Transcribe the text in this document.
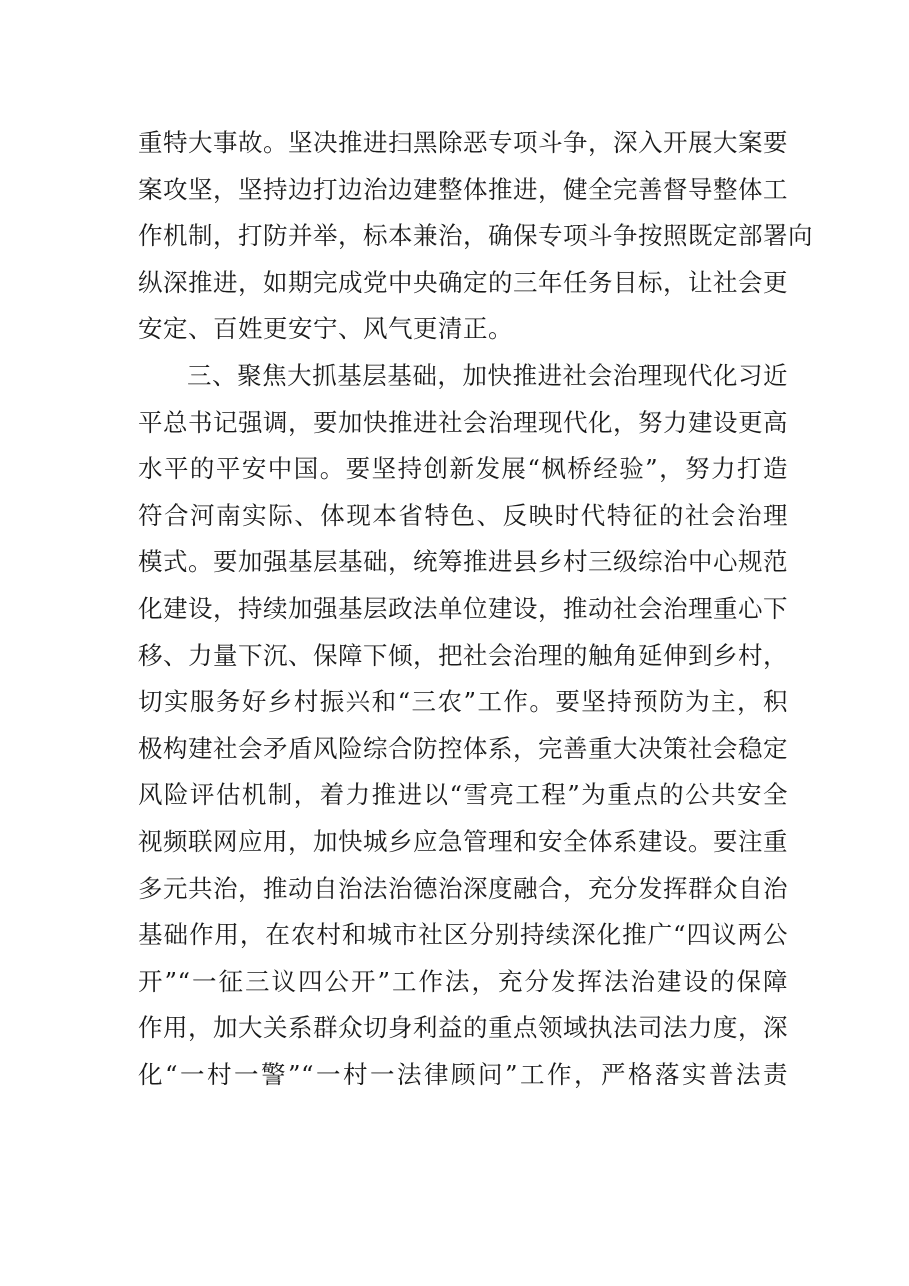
重特大事故。坚决推进扫黑除恶专项斗争，深入开展大案要
案攻坚，坚持边打边治边建整体推进，健全完善督导整体工
作机制，打防并举，标本兼治，确保专项斗争按照既定部署向
纵深推进，如期完成党中央确定的三年任务目标，让社会更
安定、百姓更安宁、风气更清正。
三、聚焦大抓基层基础，加快推进社会治理现代化习近
平总书记强调，要加快推进社会治理现代化，努力建设更高
水平的平安中国。要坚持创新发展“枫桥经验”，努力打造
符合河南实际、体现本省特色、反映时代特征的社会治理
模式。要加强基层基础，统筹推进县乡村三级综治中心规范
化建设，持续加强基层政法单位建设，推动社会治理重心下
移、力量下沉、保障下倾，把社会治理的触角延伸到乡村，
切实服务好乡村振兴和“三农”工作。要坚持预防为主，积
极构建社会矛盾风险综合防控体系，完善重大决策社会稳定
风险评估机制，着力推进以“雪亮工程”为重点的公共安全
视频联网应用，加快城乡应急管理和安全体系建设。要注重
多元共治，推动自治法治德治深度融合，充分发挥群众自治
基础作用，在农村和城市社区分别持续深化推广“四议两公
开”“一征三议四公开”工作法，充分发挥法治建设的保障
作用，加大关系群众切身利益的重点领域执法司法力度，深
化“一村一警”“一村一法律顾问”工作，严格落实普法责
